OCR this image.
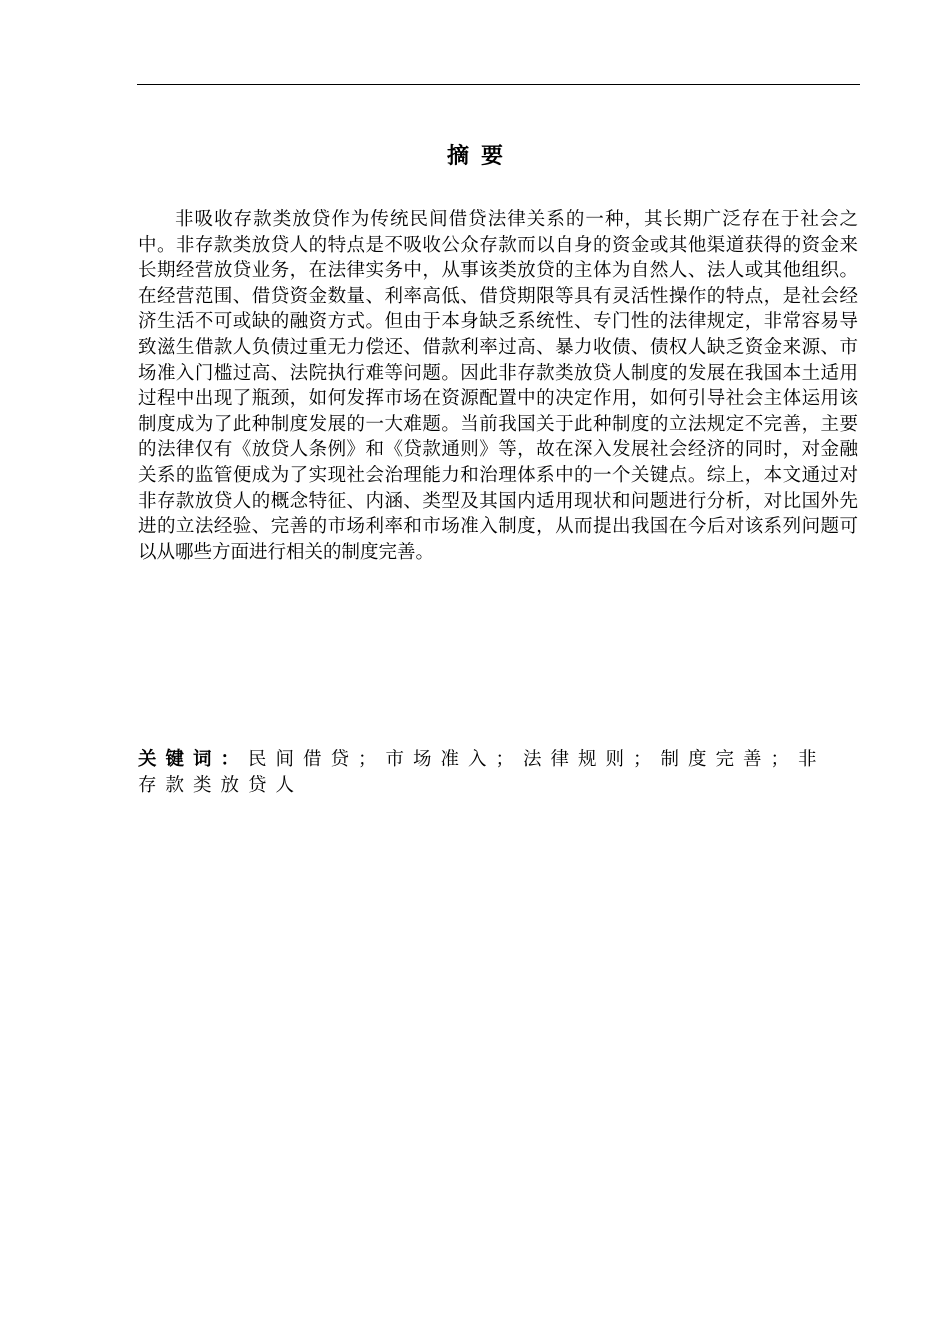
摘要

非吸收存款类放贷作为传统民间借贷法律关系的一种，其长期广泛存在于社会之中。非存款类放贷人的特点是不吸收公众存款而以自身的资金或其他渠道获得的资金来长期经营放贷业务，在法律实务中，从事该类放贷的主体为自然人、法人或其他组织。在经营范围、借贷资金数量、利率高低、借贷期限等具有灵活性操作的特点，是社会经济生活不可或缺的融资方式。但由于本身缺乏系统性、专门性的法律规定，非常容易导致滋生借款人负债过重无力偿还、借款利率过高、暴力收债、债权人缺乏资金来源、市场准入门槛过高、法院执行难等问题。因此非存款类放贷人制度的发展在我国本土适用过程中出现了瓶颈，如何发挥市场在资源配置中的决定作用，如何引导社会主体运用该制度成为了此种制度发展的一大难题。当前我国关于此种制度的立法规定不完善，主要的法律仅有《放贷人条例》和《贷款通则》等，故在深入发展社会经济的同时，对金融关系的监管便成为了实现社会治理能力和治理体系中的一个关键点。综上，本文通过对非存款放贷人的概念特征、内涵、类型及其国内适用现状和问题进行分析，对比国外先进的立法经验、完善的市场利率和市场准入制度，从而提出我国在今后对该系列问题可以从哪些方面进行相关的制度完善。

关键词：民间借贷；市场准入；法律规则；制度完善；非存款类放贷人
